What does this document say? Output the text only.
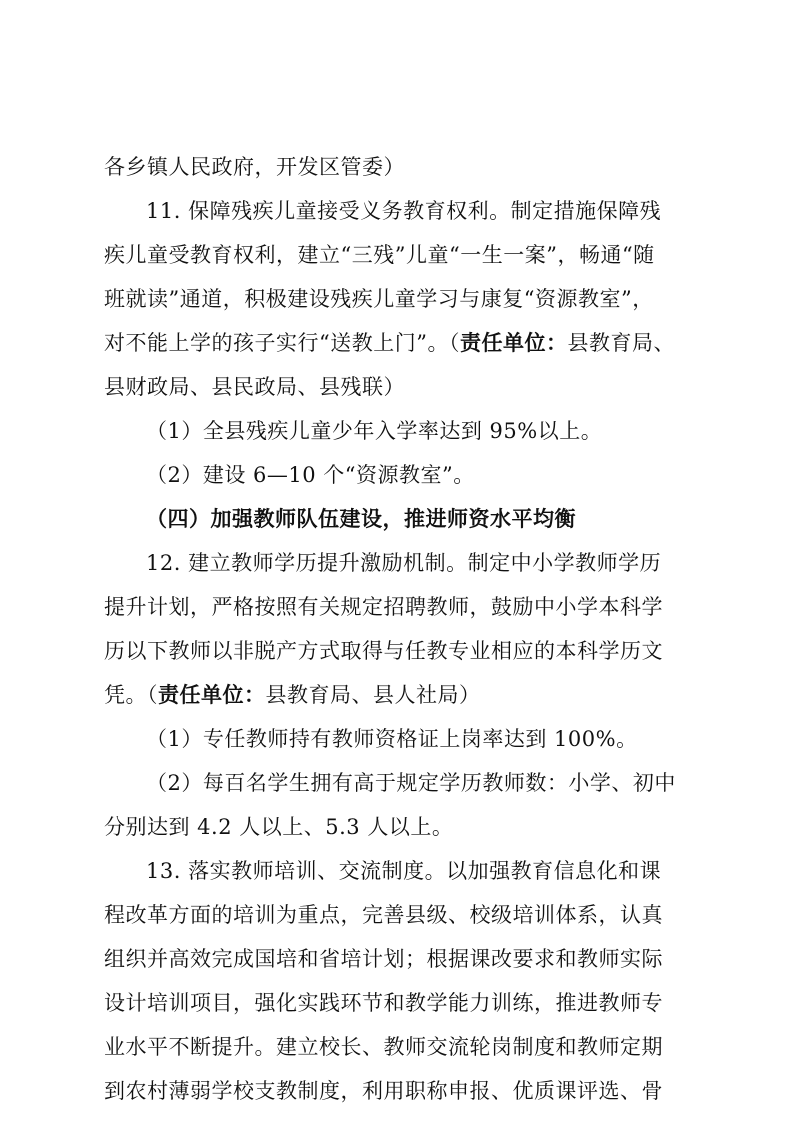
各乡镇人民政府，开发区管委）
11. 保障残疾儿童接受义务教育权利。制定措施保障残
疾儿童受教育权利，建立“三残”儿童“一生一案”，畅通“随
班就读”通道，积极建设残疾儿童学习与康复“资源教室”，
对不能上学的孩子实行“送教上门”。（责任单位：县教育局、
县财政局、县民政局、县残联）
（1）全县残疾儿童少年入学率达到 95%以上。
（2）建设 6—10 个“资源教室”。
（四）加强教师队伍建设，推进师资水平均衡
12. 建立教师学历提升激励机制。制定中小学教师学历
提升计划，严格按照有关规定招聘教师，鼓励中小学本科学
历以下教师以非脱产方式取得与任教专业相应的本科学历文
凭。（责任单位：县教育局、县人社局）
（1）专任教师持有教师资格证上岗率达到 100%。
（2）每百名学生拥有高于规定学历教师数：小学、初中
分别达到 4.2 人以上、5.3 人以上。
13. 落实教师培训、交流制度。以加强教育信息化和课
程改革方面的培训为重点，完善县级、校级培训体系，认真
组织并高效完成国培和省培计划；根据课改要求和教师实际
设计培训项目，强化实践环节和教学能力训练，推进教师专
业水平不断提升。建立校长、教师交流轮岗制度和教师定期
到农村薄弱学校支教制度，利用职称申报、优质课评选、骨
